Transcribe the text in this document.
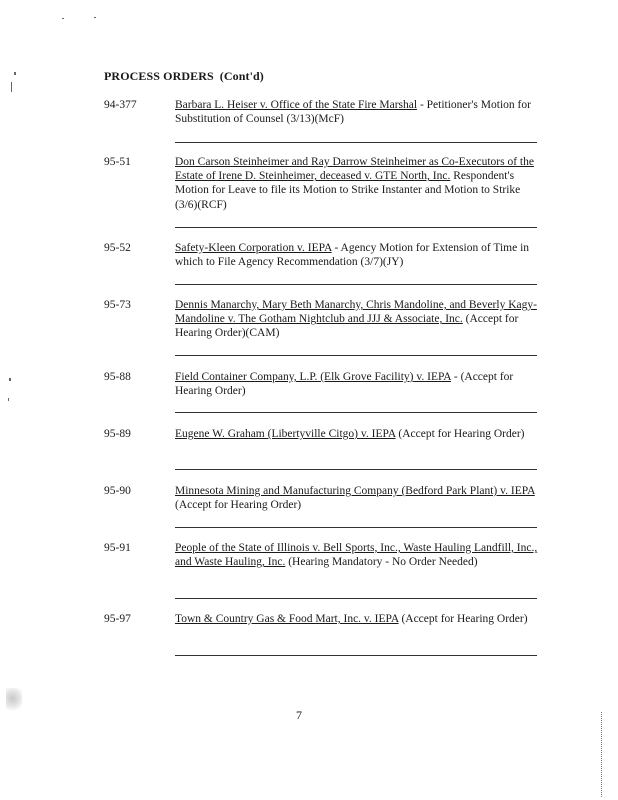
PROCESS ORDERS (Cont'd)
94-377	Barbara L. Heiser v. Office of the State Fire Marshal - Petitioner's Motion for Substitution of Counsel (3/13)(McF)
95-51	Don Carson Steinheimer and Ray Darrow Steinheimer as Co-Executors of the Estate of Irene D. Steinheimer, deceased v. GTE North, Inc. Respondent's Motion for Leave to file its Motion to Strike Instanter and Motion to Strike (3/6)(RCF)
95-52	Safety-Kleen Corporation v. IEPA - Agency Motion for Extension of Time in which to File Agency Recommendation (3/7)(JY)
95-73	Dennis Manarchy, Mary Beth Manarchy, Chris Mandoline, and Beverly Kagy-Mandoline v. The Gotham Nightclub and JJJ & Associate, Inc. (Accept for Hearing Order)(CAM)
95-88	Field Container Company, L.P. (Elk Grove Facility) v. IEPA - (Accept for Hearing Order)
95-89	Eugene W. Graham (Libertyville Citgo) v. IEPA (Accept for Hearing Order)
95-90	Minnesota Mining and Manufacturing Company (Bedford Park Plant) v. IEPA (Accept for Hearing Order)
95-91	People of the State of Illinois v. Bell Sports, Inc., Waste Hauling Landfill, Inc., and Waste Hauling, Inc. (Hearing Mandatory - No Order Needed)
95-97	Town & Country Gas & Food Mart, Inc. v. IEPA (Accept for Hearing Order)
7
